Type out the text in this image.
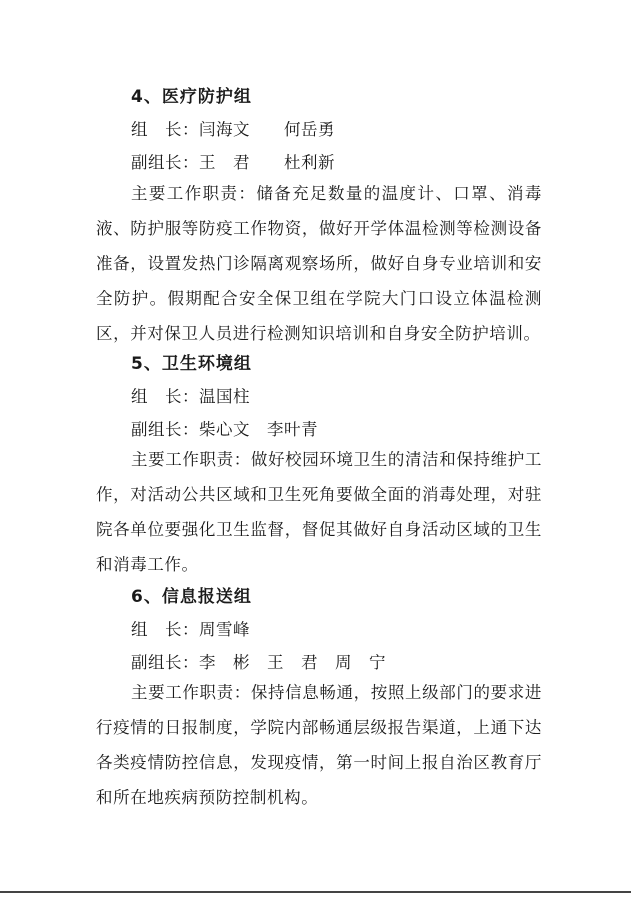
4、医疗防护组
组　长：闫海文　　何岳勇
副组长：王　君　　杜利新
主要工作职责：储备充足数量的温度计、口罩、消毒液、防护服等防疫工作物资，做好开学体温检测等检测设备准备，设置发热门诊隔离观察场所，做好自身专业培训和安全防护。假期配合安全保卫组在学院大门口设立体温检测区，并对保卫人员进行检测知识培训和自身安全防护培训。
5、卫生环境组
组　长：温国柱
副组长：柴心文　李叶青
主要工作职责：做好校园环境卫生的清洁和保持维护工作，对活动公共区域和卫生死角要做全面的消毒处理，对驻院各单位要强化卫生监督，督促其做好自身活动区域的卫生和消毒工作。
6、信息报送组
组　长：周雪峰
副组长：李　彬　王　君　周　宁
主要工作职责：保持信息畅通，按照上级部门的要求进行疫情的日报制度，学院内部畅通层级报告渠道，上通下达各类疫情防控信息，发现疫情，第一时间上报自治区教育厅和所在地疾病预防控制机构。
